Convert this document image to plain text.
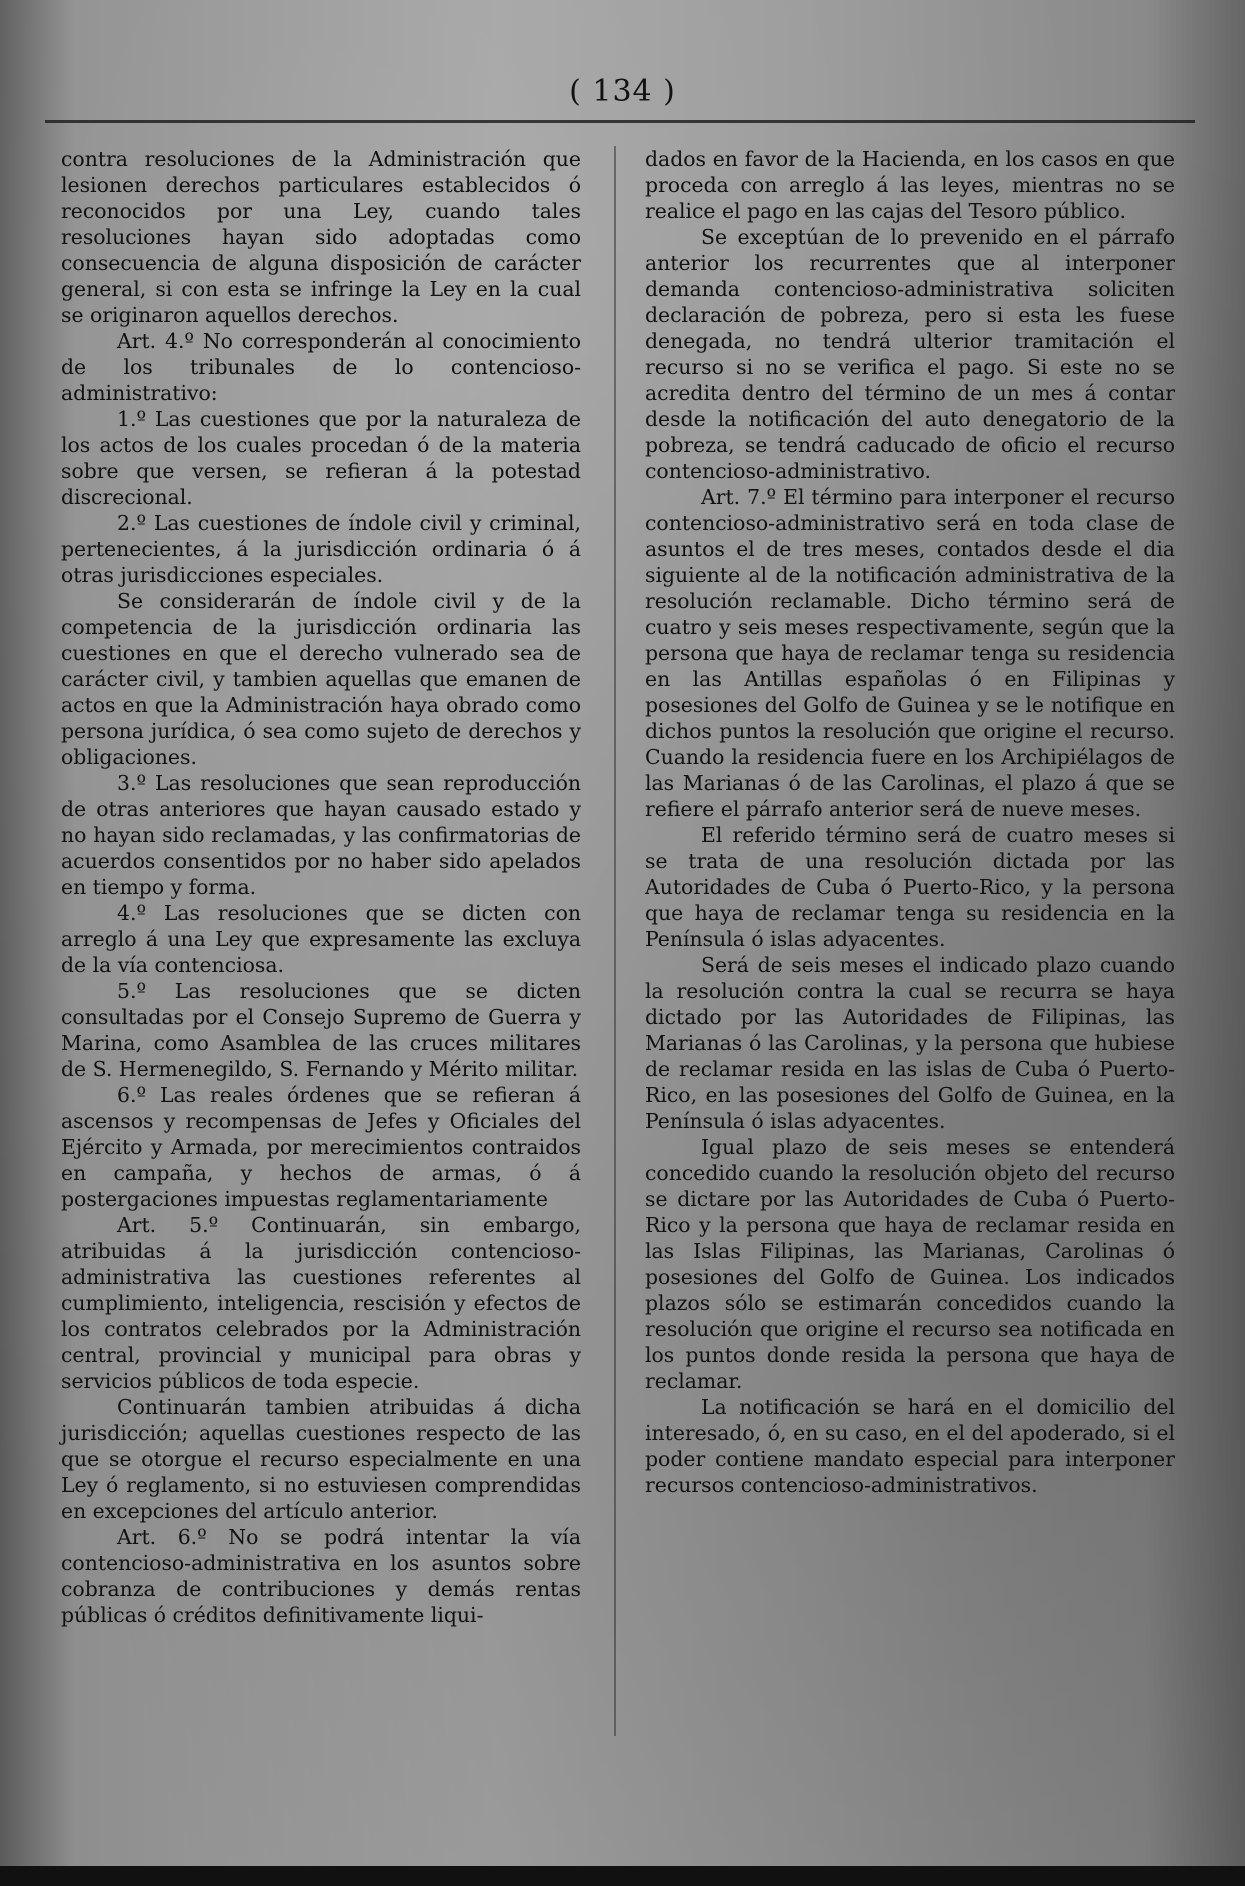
( 134 )

contra resoluciones de la Administración que lesionen derechos particulares establecidos ó reconocidos por una Ley, cuando tales resoluciones hayan sido adoptadas como consecuencia de alguna disposición de carácter general, si con esta se infringe la Ley en la cual se originaron aquellos derechos.

Art. 4.º No corresponderán al conocimiento de los tribunales de lo contencioso-administrativo:

1.º Las cuestiones que por la naturaleza de los actos de los cuales procedan ó de la materia sobre que versen, se refieran á la potestad discrecional.

2.º Las cuestiones de índole civil y criminal, pertenecientes, á la jurisdicción ordinaria ó á otras jurisdicciones especiales.

Se considerarán de índole civil y de la competencia de la jurisdicción ordinaria las cuestiones en que el derecho vulnerado sea de carácter civil, y tambien aquellas que emanen de actos en que la Administración haya obrado como persona jurídica, ó sea como sujeto de derechos y obligaciones.

3.º Las resoluciones que sean reproducción de otras anteriores que hayan causado estado y no hayan sido reclamadas, y las confirmatorias de acuerdos consentidos por no haber sido apelados en tiempo y forma.

4.º Las resoluciones que se dicten con arreglo á una Ley que expresamente las excluya de la vía contenciosa.

5.º Las resoluciones que se dicten consultadas por el Consejo Supremo de Guerra y Marina, como Asamblea de las cruces militares de S. Hermenegildo, S. Fernando y Mérito militar.

6.º Las reales órdenes que se refieran á ascensos y recompensas de Jefes y Oficiales del Ejército y Armada, por merecimientos contraidos en campaña, y hechos de armas, ó á postergaciones impuestas reglamentariamente

Art. 5.º Continuarán, sin embargo, atribuidas á la jurisdicción contencioso-administrativa las cuestiones referentes al cumplimiento, inteligencia, rescisión y efectos de los contratos celebrados por la Administración central, provincial y municipal para obras y servicios públicos de toda especie.

Continuarán tambien atribuidas á dicha jurisdicción; aquellas cuestiones respecto de las que se otorgue el recurso especialmente en una Ley ó reglamento, si no estuviesen comprendidas en excepciones del artículo anterior.

Art. 6.º No se podrá intentar la vía contencioso-administrativa en los asuntos sobre cobranza de contribuciones y demás rentas públicas ó créditos definitivamente liqui-

dados en favor de la Hacienda, en los casos en que proceda con arreglo á las leyes, mientras no se realice el pago en las cajas del Tesoro público.

Se exceptúan de lo prevenido en el párrafo anterior los recurrentes que al interponer demanda contencioso-administrativa soliciten declaración de pobreza, pero si esta les fuese denegada, no tendrá ulterior tramitación el recurso si no se verifica el pago. Si este no se acredita dentro del término de un mes á contar desde la notificación del auto denegatorio de la pobreza, se tendrá caducado de oficio el recurso contencioso-administrativo.

Art. 7.º El término para interponer el recurso contencioso-administrativo será en toda clase de asuntos el de tres meses, contados desde el dia siguiente al de la notificación administrativa de la resolución reclamable. Dicho término será de cuatro y seis meses respectivamente, según que la persona que haya de reclamar tenga su residencia en las Antillas españolas ó en Filipinas y posesiones del Golfo de Guinea y se le notifique en dichos puntos la resolución que origine el recurso. Cuando la residencia fuere en los Archipiélagos de las Marianas ó de las Carolinas, el plazo á que se refiere el párrafo anterior será de nueve meses.

El referido término será de cuatro meses si se trata de una resolución dictada por las Autoridades de Cuba ó Puerto-Rico, y la persona que haya de reclamar tenga su residencia en la Península ó islas adyacentes.

Será de seis meses el indicado plazo cuando la resolución contra la cual se recurra se haya dictado por las Autoridades de Filipinas, las Marianas ó las Carolinas, y la persona que hubiese de reclamar resida en las islas de Cuba ó Puerto-Rico, en las posesiones del Golfo de Guinea, en la Península ó islas adyacentes.

Igual plazo de seis meses se entenderá concedido cuando la resolución objeto del recurso se dictare por las Autoridades de Cuba ó Puerto-Rico y la persona que haya de reclamar resida en las Islas Filipinas, las Marianas, Carolinas ó posesiones del Golfo de Guinea. Los indicados plazos sólo se estimarán concedidos cuando la resolución que origine el recurso sea notificada en los puntos donde resida la persona que haya de reclamar.

La notificación se hará en el domicilio del interesado, ó, en su caso, en el del apoderado, si el poder contiene mandato especial para interponer recursos contencioso-administrativos.
